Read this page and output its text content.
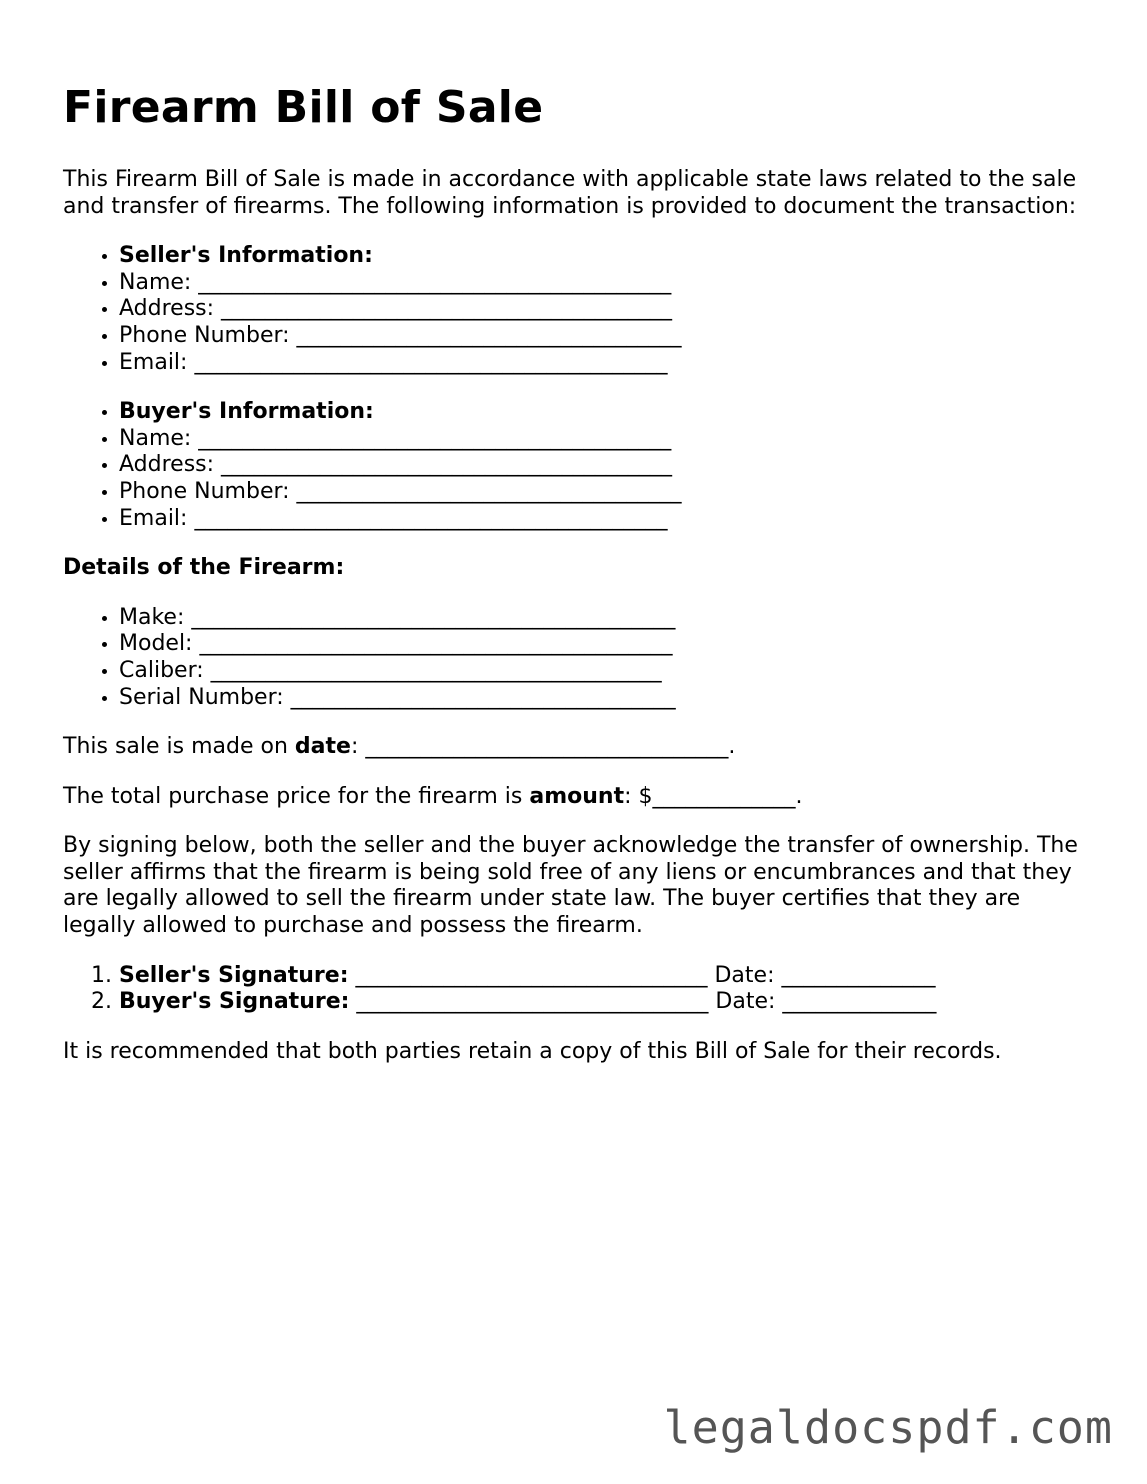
Firearm Bill of Sale

This Firearm Bill of Sale is made in accordance with applicable state laws related to the sale and transfer of firearms. The following information is provided to document the transaction:

• Seller's Information:
• Name: ___________________________________________
• Address: _________________________________________
• Phone Number: ___________________________________
• Email: ___________________________________________
• Buyer's Information:
• Name: ___________________________________________
• Address: _________________________________________
• Phone Number: ___________________________________
• Email: ___________________________________________

Details of the Firearm:

• Make: ____________________________________________
• Model: ___________________________________________
• Caliber: _________________________________________
• Serial Number: ___________________________________

This sale is made on date: _________________________________.

The total purchase price for the firearm is amount: $_____________.

By signing below, both the seller and the buyer acknowledge the transfer of ownership. The seller affirms that the firearm is being sold free of any liens or encumbrances and that they are legally allowed to sell the firearm under state law. The buyer certifies that they are legally allowed to purchase and possess the firearm.

1. Seller's Signature: ________________________________ Date: ______________
2. Buyer's Signature: ________________________________ Date: ______________

It is recommended that both parties retain a copy of this Bill of Sale for their records.

legaldocspdf.com
